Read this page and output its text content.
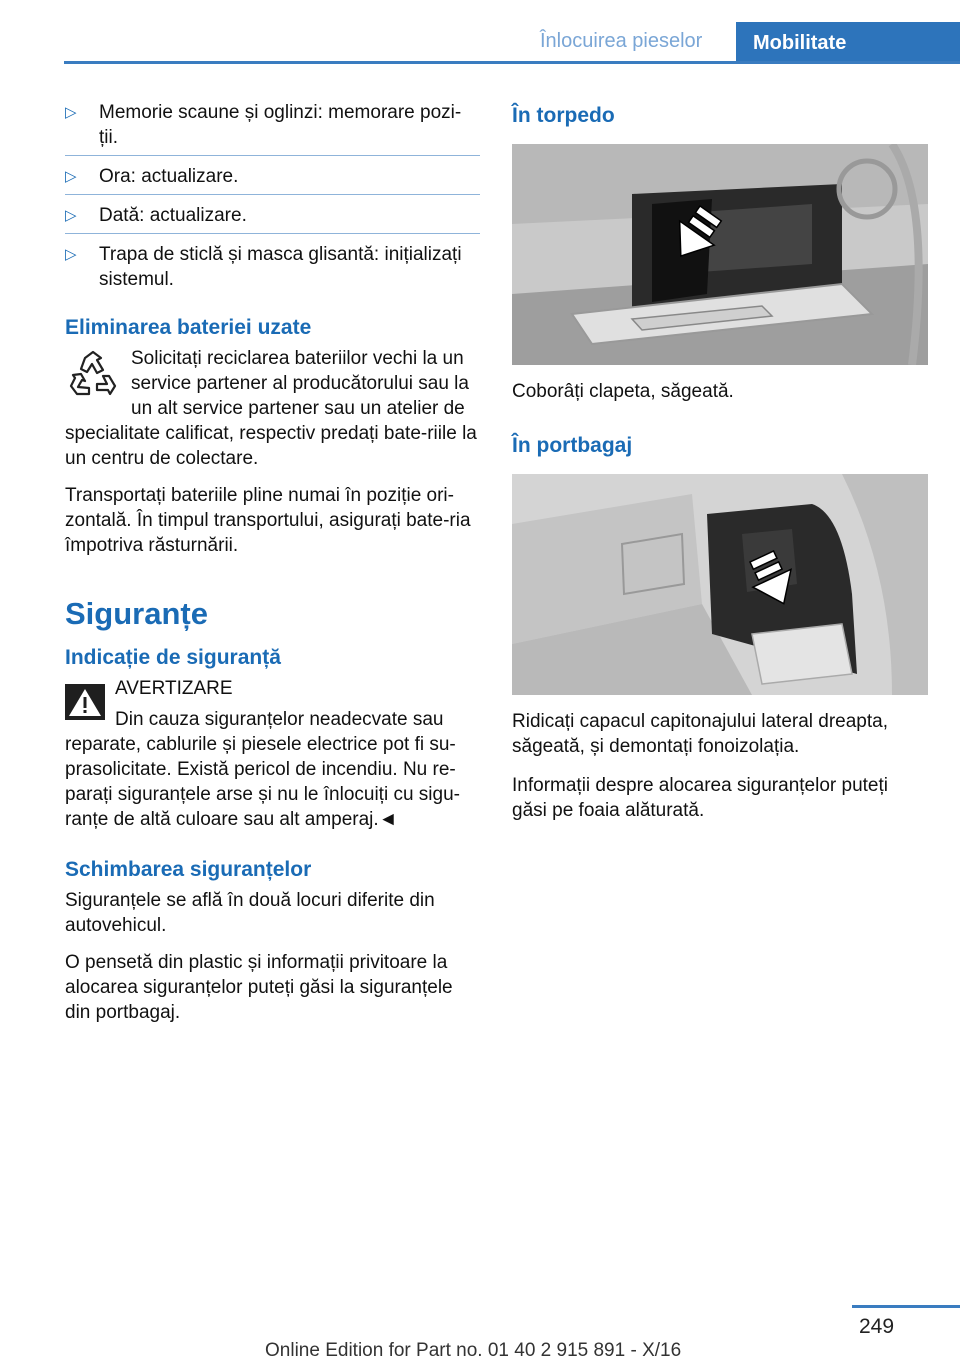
Înlocuirea pieselor	Mobilitate
▷ Memorie scaune și oglinzi: memorare pozi-ții.
▷ Ora: actualizare.
▷ Dată: actualizare.
▷ Trapa de sticlă și masca glisantă: inițializați sistemul.
Eliminarea bateriei uzate
Solicitați reciclarea bateriilor vechi la un service partener al producătorului sau la un alt service partener sau un atelier de specialitate calificat, respectiv predați bate-riile la un centru de colectare.
Transportați bateriile pline numai în poziție ori-zontală. În timpul transportului, asigurați bate-ria împotriva răsturnării.
Siguranțe
Indicație de siguranță
AVERTIZARE
Din cauza siguranțelor neadecvate sau reparate, cablurile și piesele electrice pot fi su-prasolicitate. Există pericol de incendiu. Nu re-parați siguranțele arse și nu le înlocuiți cu sigu-ranțe de altă culoare sau alt amperaj.◄
Schimbarea siguranțelor
Siguranțele se află în două locuri diferite din autovehicul.
O pensetă din plastic și informații privitoare la alocarea siguranțelor puteți găsi la siguranțele din portbagaj.
În torpedo
Coborâți clapeta, săgeată.
În portbagaj
Ridicați capacul capitonajului lateral dreapta, săgeată, și demontați fonoizolația.
Informații despre alocarea siguranțelor puteți găsi pe foaia alăturată.
249
Online Edition for Part no. 01 40 2 915 891 - X/16
